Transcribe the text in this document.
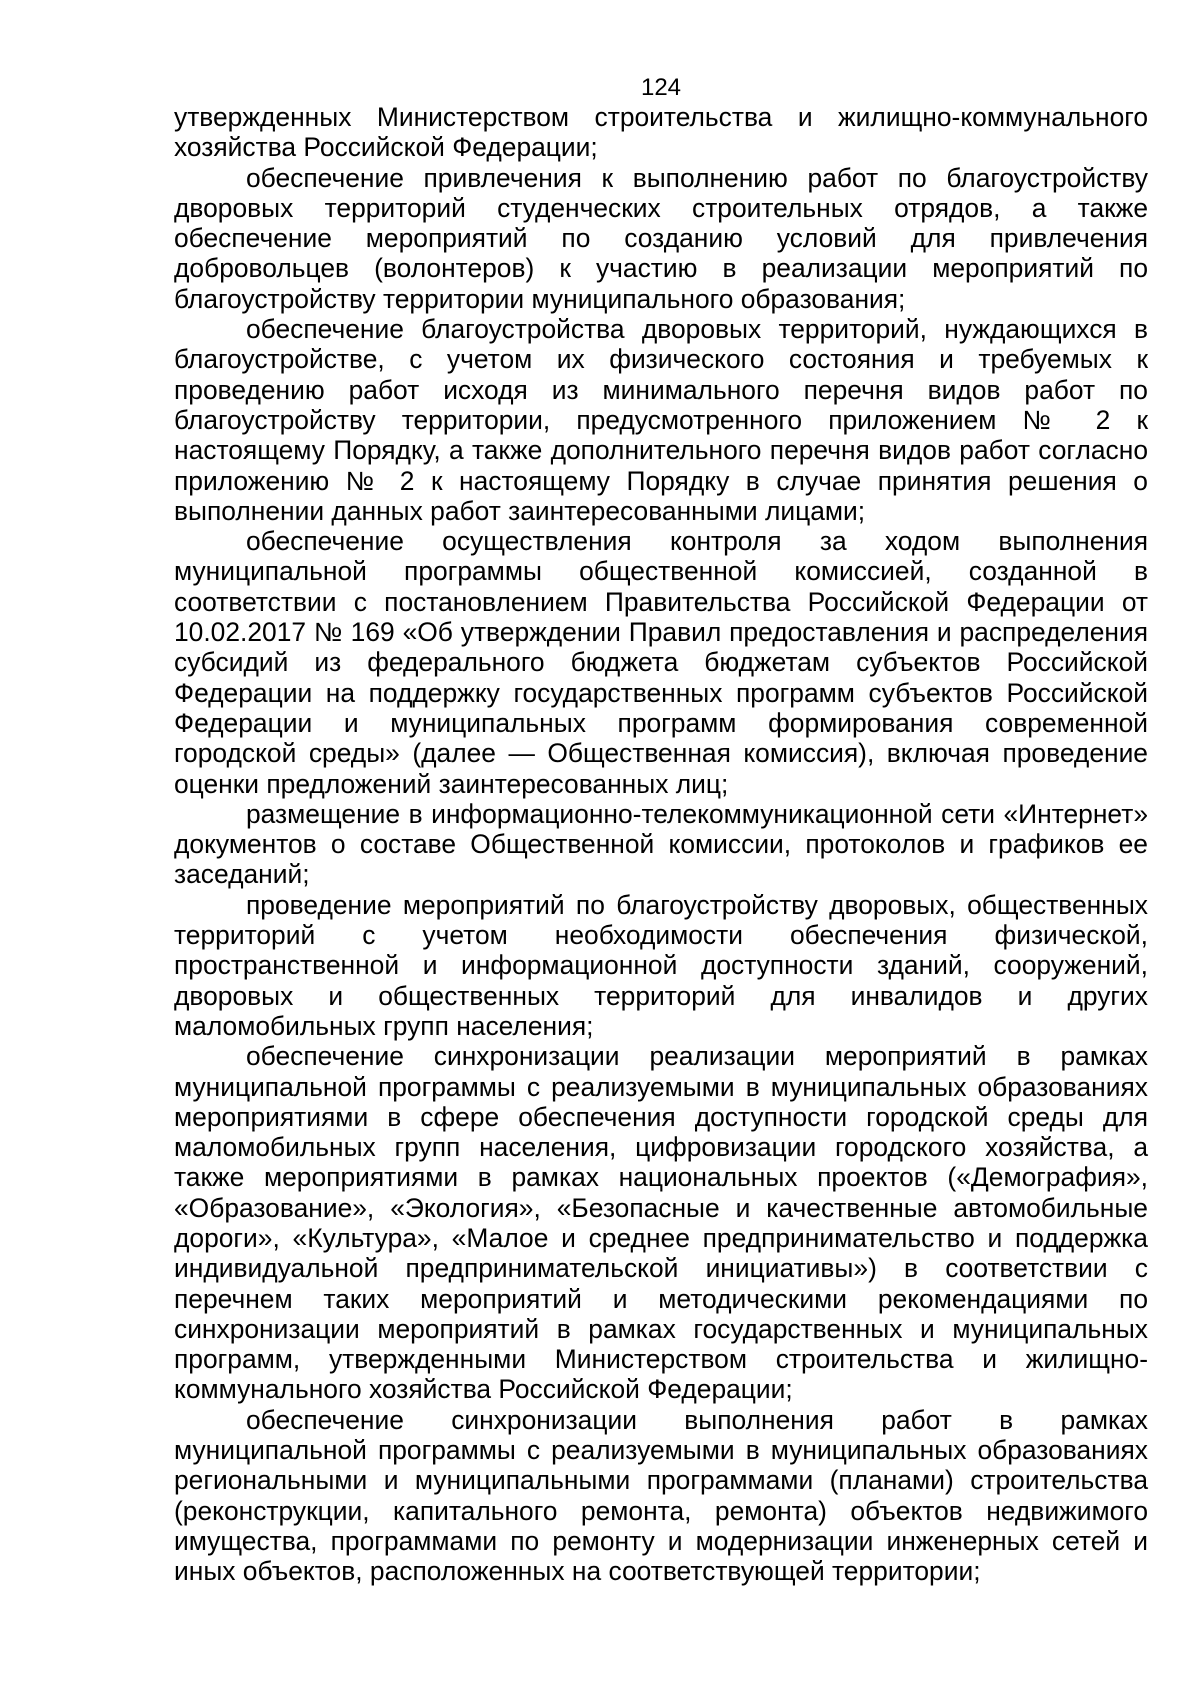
124

утвержденных Министерством строительства и жилищно-коммунального хозяйства Российской Федерации;

обеспечение привлечения к выполнению работ по благоустройству дворовых территорий студенческих строительных отрядов, а также обеспечение мероприятий по созданию условий для привлечения добровольцев (волонтеров) к участию в реализации мероприятий по благоустройству территории муниципального образования;

обеспечение благоустройства дворовых территорий, нуждающихся в благоустройстве, с учетом их физического состояния и требуемых к проведению работ исходя из минимального перечня видов работ по благоустройству территории, предусмотренного приложением № 2 к настоящему Порядку, а также дополнительного перечня видов работ согласно приложению № 2 к настоящему Порядку в случае принятия решения о выполнении данных работ заинтересованными лицами;

обеспечение осуществления контроля за ходом выполнения муниципальной программы общественной комиссией, созданной в соответствии с постановлением Правительства Российской Федерации от 10.02.2017 № 169 «Об утверждении Правил предоставления и распределения субсидий из федерального бюджета бюджетам субъектов Российской Федерации на поддержку государственных программ субъектов Российской Федерации и муниципальных программ формирования современной городской среды» (далее — Общественная комиссия), включая проведение оценки предложений заинтересованных лиц;

размещение в информационно-телекоммуникационной сети «Интернет» документов о составе Общественной комиссии, протоколов и графиков ее заседаний;

проведение мероприятий по благоустройству дворовых, общественных территорий с учетом необходимости обеспечения физической, пространственной и информационной доступности зданий, сооружений, дворовых и общественных территорий для инвалидов и других маломобильных групп населения;

обеспечение синхронизации реализации мероприятий в рамках муниципальной программы с реализуемыми в муниципальных образованиях мероприятиями в сфере обеспечения доступности городской среды для маломобильных групп населения, цифровизации городского хозяйства, а также мероприятиями в рамках национальных проектов («Демография», «Образование», «Экология», «Безопасные и качественные автомобильные дороги», «Культура», «Малое и среднее предпринимательство и поддержка индивидуальной предпринимательской инициативы») в соответствии с перечнем таких мероприятий и методическими рекомендациями по синхронизации мероприятий в рамках государственных и муниципальных программ, утвержденными Министерством строительства и жилищно-коммунального хозяйства Российской Федерации;

обеспечение синхронизации выполнения работ в рамках муниципальной программы с реализуемыми в муниципальных образованиях региональными и муниципальными программами (планами) строительства (реконструкции, капитального ремонта, ремонта) объектов недвижимого имущества, программами по ремонту и модернизации инженерных сетей и иных объектов, расположенных на соответствующей территории;
